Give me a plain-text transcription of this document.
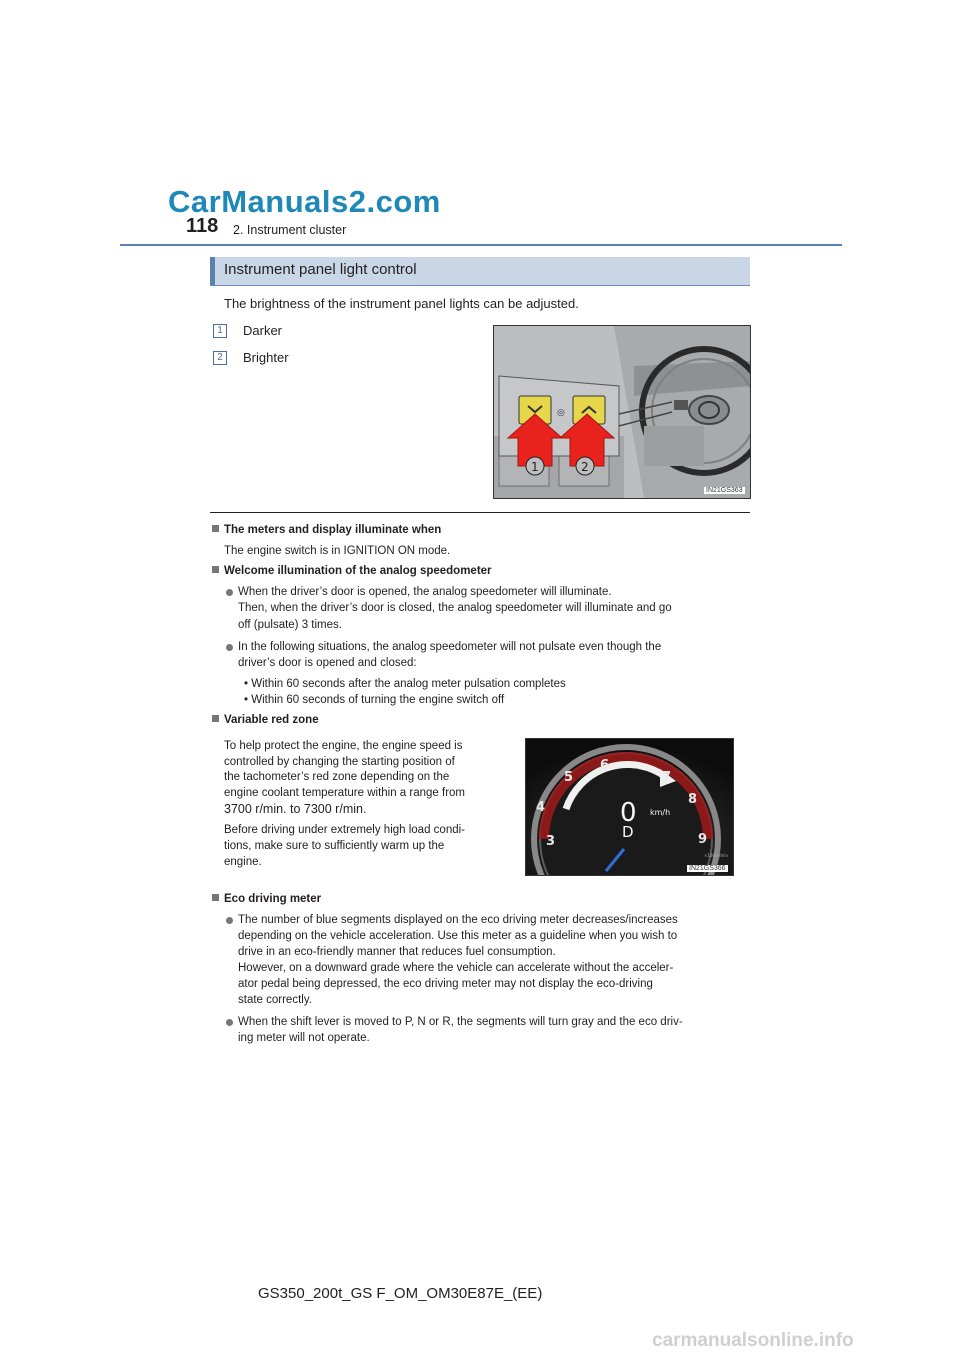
CarManuals2.com
118 2. Instrument cluster
Instrument panel light control
The brightness of the instrument panel lights can be adjusted.
1	Darker
2	Brighter
◎
1	2
IN21GS363
The meters and display illuminate when
The engine switch is in IGNITION ON mode.
Welcome illumination of the analog speedometer
When the driver’s door is opened, the analog speedometer will illuminate.
Then, when the driver’s door is closed, the analog speedometer will illuminate and go
off (pulsate) 3 times.
In the following situations, the analog speedometer will not pulsate even though the
driver’s door is opened and closed:
• Within 60 seconds after the analog meter pulsation completes
• Within 60 seconds of turning the engine switch off
Variable red zone
To help protect the engine, the engine speed is
controlled by changing the starting position of
the tachometer’s red zone depending on the
engine coolant temperature within a range from
3700 r/min. to 7300 r/min.
Before driving under extremely high load condi-
tions, make sure to sufficiently warm up the
engine.
3
4
5
6
7
8
9
0 km/h
D
×1000r/min
IN21GS366
Eco driving meter
The number of blue segments displayed on the eco driving meter decreases/increases
depending on the vehicle acceleration. Use this meter as a guideline when you wish to
drive in an eco-friendly manner that reduces fuel consumption.
However, on a downward grade where the vehicle can accelerate without the acceler-
ator pedal being depressed, the eco driving meter may not display the eco-driving
state correctly.
When the shift lever is moved to P, N or R, the segments will turn gray and the eco driv-
ing meter will not operate.
GS350_200t_GS F_OM_OM30E87E_(EE)
carmanualsonline.info
